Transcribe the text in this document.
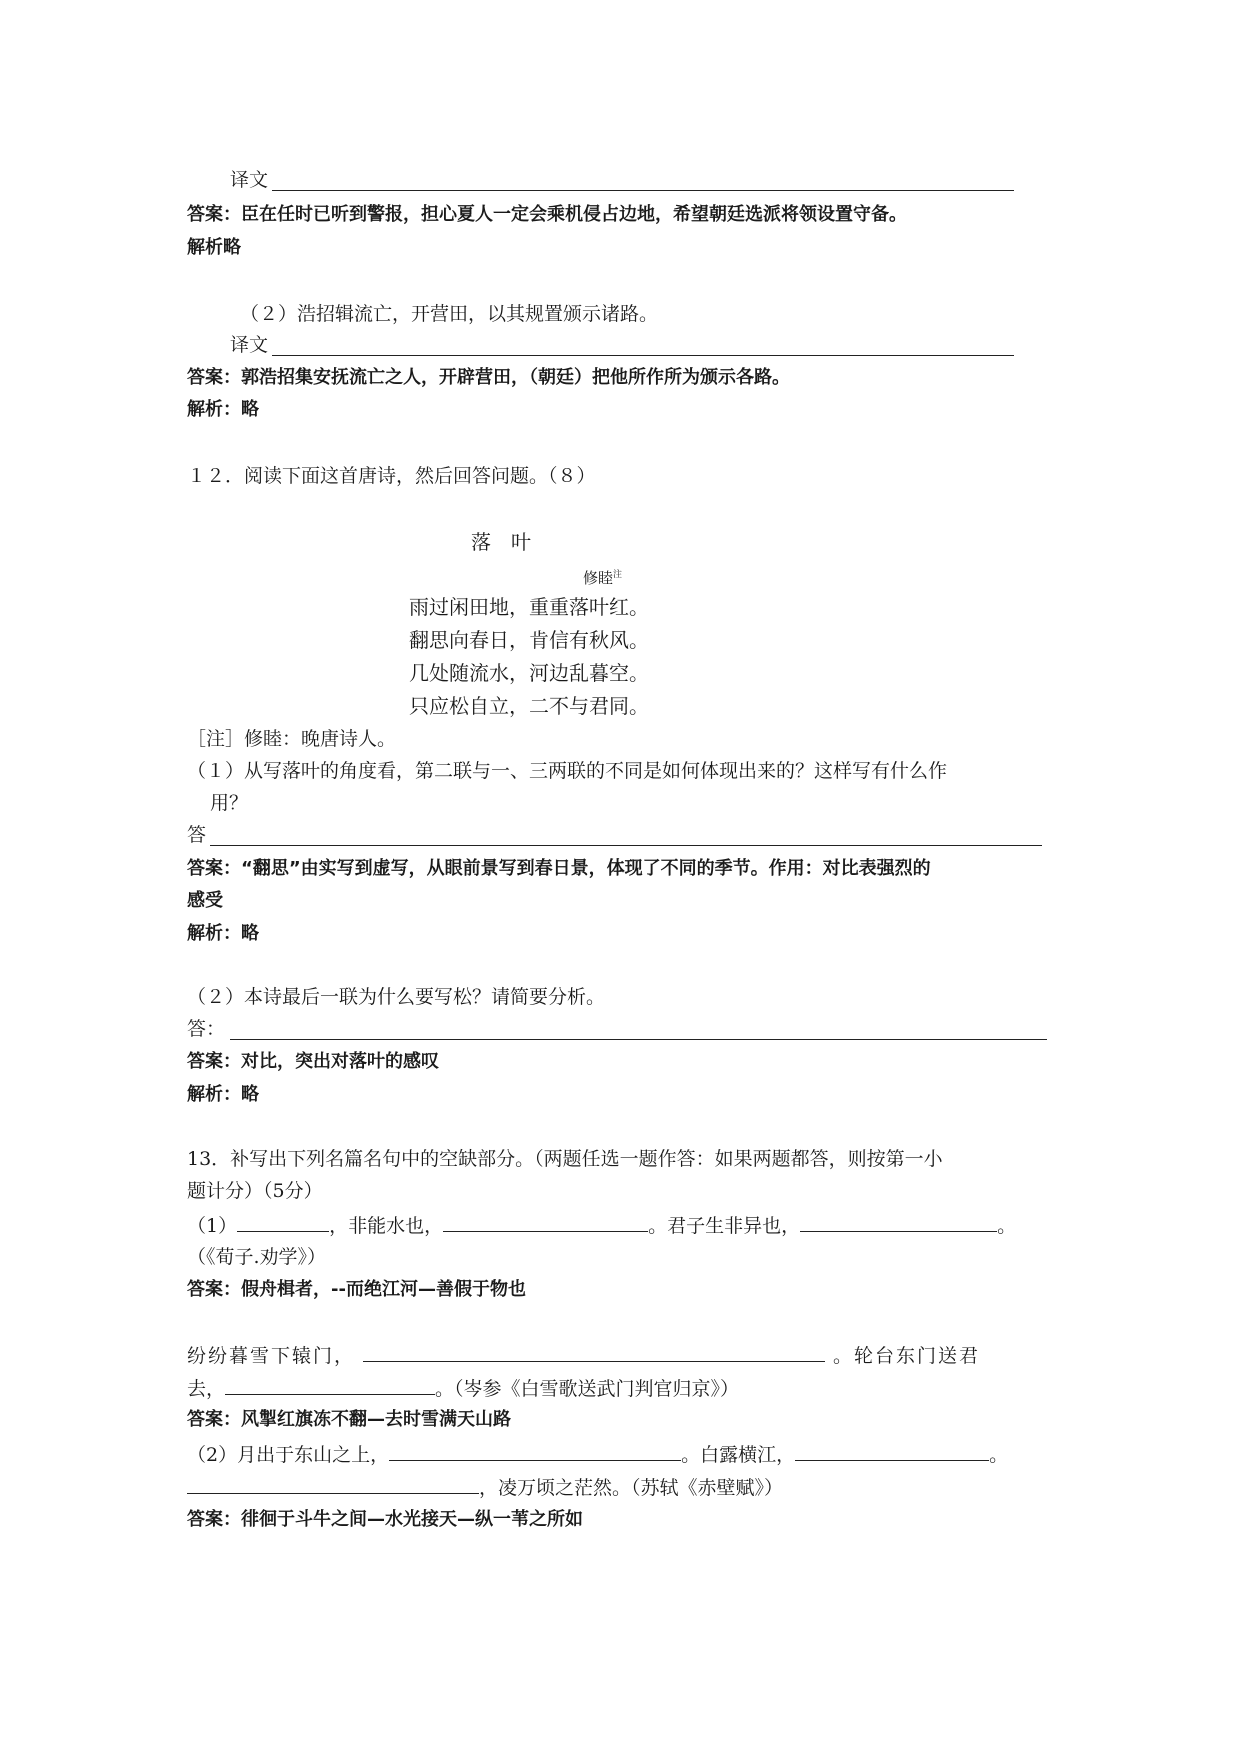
译文
答案：臣在任时已听到警报，担心夏人一定会乘机侵占边地，希望朝廷选派将领设置守备。
解析略
（２）浩招辑流亡，开营田，以其规置颁示诸路。
译文
答案：郭浩招集安抚流亡之人，开辟营田，（朝廷）把他所作所为颁示各路。
解析：略
１２．阅读下面这首唐诗，然后回答问题。（８）
落　叶
修睦$^注$
雨过闲田地，重重落叶红。
翻思向春日，肯信有秋风。
几处随流水，河边乱暮空。
只应松自立，二不与君同。
［注］修睦：晚唐诗人。
（１）从写落叶的角度看，第二联与一、三两联的不同是如何体现出来的？这样写有什么作
用？
答
答案：“翻思”由实写到虚写，从眼前景写到春日景，体现了不同的季节。作用：对比表强烈的
感受
解析：略
（２）本诗最后一联为什么要写松？请简要分析。
答：
答案：对比，突出对落叶的感叹
解析：略
13．补写出下列名篇名句中的空缺部分。（两题任选一题作答：如果两题都答，则按第一小
题计分）（5分）
（1）	，非能水也，	。君子生非异也，	。
（《荀子.劝学》）
答案：假舟楫者，--而绝江河—善假于物也
纷纷暮雪下辕门，	。轮台东门送君
去，	。（岑参《白雪歌送武门判官归京》）
答案：风掣红旗冻不翻—去时雪满天山路
（2）月出于东山之上，	。白露横江，	。
，凌万顷之茫然。（苏轼《赤壁赋》）
答案：徘徊于斗牛之间—水光接天—纵一苇之所如
